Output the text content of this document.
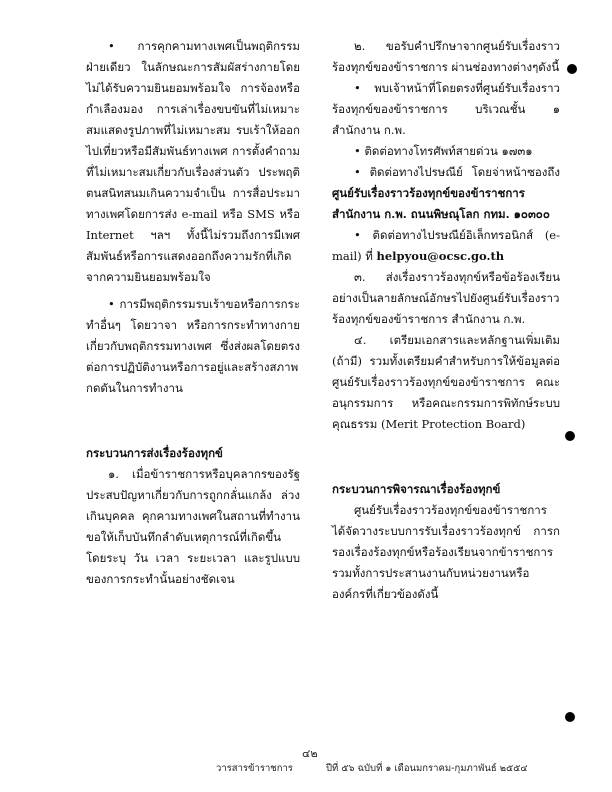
• การคุกคามทางเพศเป็นพฤติกรรมฝ่ายเดียว ในลักษณะการสัมผัสร่างกายโดยไม่ได้รับความยินยอมพร้อมใจ การจ้องหรือกำเลืองมอง การเล่าเรื่องขบขันที่ไม่เหมาะสมแสดงรูปภาพที่ไม่เหมาะสม รบเร้าให้ออกไปเที่ยวหรือมีสัมพันธ์ทางเพศ การตั้งคำถามที่ไม่เหมาะสมเกี่ยวกับเรื่องส่วนตัว ประพฤติตนสนิทสนมเกินความจำเป็น การสื่อประมาทางเพศโดยการส่ง e-mail หรือ SMS หรือ Internet ฯลฯ ทั้งนี้ไม่รวมถึงการมีเพศสัมพันธ์หรือการแสดงออกถึงความรักที่เกิดจากความยินยอมพร้อมใจ

• การมีพฤติกรรมรบเร้าขอหรือการกระทำอื่นๆ โดยวาจา หรือการกระทำทางกายเกี่ยวกับพฤติกรรมทางเพศ ซึ่งส่งผลโดยตรงต่อการปฏิบัติงานหรือการอยู่และสร้างสภาพกดดันในการทำงาน

กระบวนการส่งเรื่องร้องทุกข์

๑. เมื่อข้าราชการหรือบุคลากรของรัฐประสบปัญหาเกี่ยวกับการถูกกลั่นแกล้ง ล่วงเกินบุคคล คุกคามทางเพศในสถานที่ทำงาน ขอให้เก็บบันทึกลำดับเหตุการณ์ที่เกิดขึ้น โดยระบุ วัน เวลา ระยะเวลา และรูปแบบของการกระทำนั้นอย่างชัดเจน

๒. ขอรับคำปรึกษาจากศูนย์รับเรื่องราวร้องทุกข์ของข้าราชการ ผ่านช่องทางต่างๆดังนี้

• พบเจ้าหน้าที่โดยตรงที่ศูนย์รับเรื่องราวร้องทุกข์ของข้าราชการ บริเวณชั้น ๑ สำนักงาน ก.พ.

• ติดต่อทางโทรศัพท์สายด่วน ๑๗๓๑

• ติดต่อทางไปรษณีย์ โดยจ่าหน้าซองถึง ศูนย์รับเรื่องราวร้องทุกข์ของข้าราชการ สำนักงาน ก.พ. ถนนพิษณุโลก กทม. ๑๐๓๐๐

• ติดต่อทางไปรษณีย์อิเล็กทรอนิกส์ (e-mail) ที่ helpyou@ocsc.go.th

๓. ส่งเรื่องราวร้องทุกข์หรือข้อร้องเรียนอย่างเป็นลายลักษณ์อักษรไปยังศูนย์รับเรื่องราวร้องทุกข์ของข้าราชการ สำนักงาน ก.พ.

๔. เตรียมเอกสารและหลักฐานเพิ่มเติม (ถ้ามี) รวมทั้งเตรียมคำสำหรับการให้ข้อมูลต่อศูนย์รับเรื่องราวร้องทุกข์ของข้าราชการ คณะอนุกรรมการ หรือคณะกรรมการพิทักษ์ระบบคุณธรรม (Merit Protection Board)

กระบวนการพิจารณาเรื่องร้องทุกข์

ศูนย์รับเรื่องราวร้องทุกข์ของข้าราชการได้จัดวางระบบการรับเรื่องราวร้องทุกข์ การกรองเรื่องร้องทุกข์หรือร้องเรียนจากข้าราชการรวมทั้งการประสานงานกับหน่วยงานหรือองค์กรที่เกี่ยวข้องดังนี้

๔๒
วารสารข้าราชการ	ปีที่ ๕๖ ฉบับที่ ๑ เดือนมกราคม-กุมภาพันธ์ ๒๕๕๔
